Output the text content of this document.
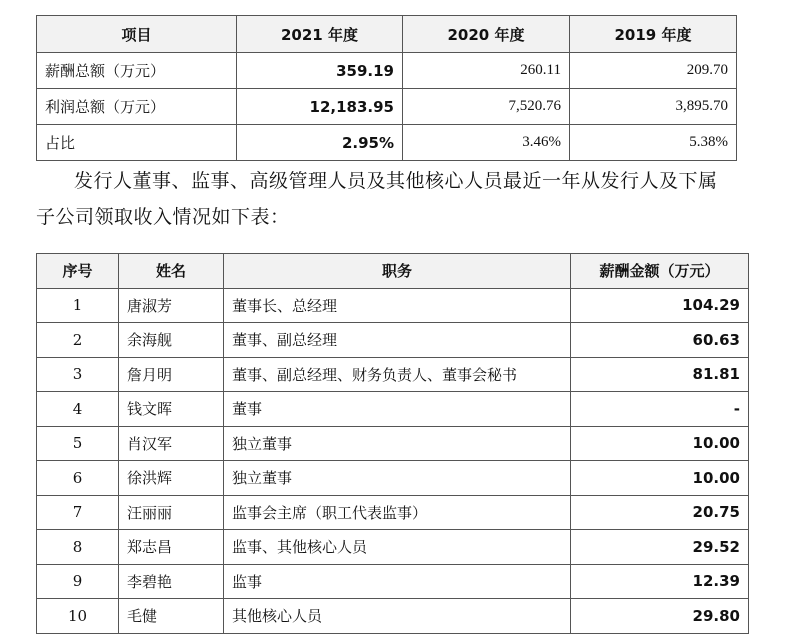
项目	2021 年度	2020 年度	2019 年度
薪酬总额（万元）	359.19	260.11	209.70
利润总额（万元）	12,183.95	7,520.76	3,895.70
占比	2.95%	3.46%	5.38%
发行人董事、监事、高级管理人员及其他核心人员最近一年从发行人及下属
子公司领取收入情况如下表：
序号	姓名	职务	薪酬金额（万元）
1	唐淑芳	董事长、总经理	104.29
2	余海舰	董事、副总经理	60.63
3	詹月明	董事、副总经理、财务负责人、董事会秘书	81.81
4	钱文晖	董事	-
5	肖汉军	独立董事	10.00
6	徐洪辉	独立董事	10.00
7	汪丽丽	监事会主席（职工代表监事）	20.75
8	郑志昌	监事、其他核心人员	29.52
9	李碧艳	监事	12.39
10	毛健	其他核心人员	29.80
